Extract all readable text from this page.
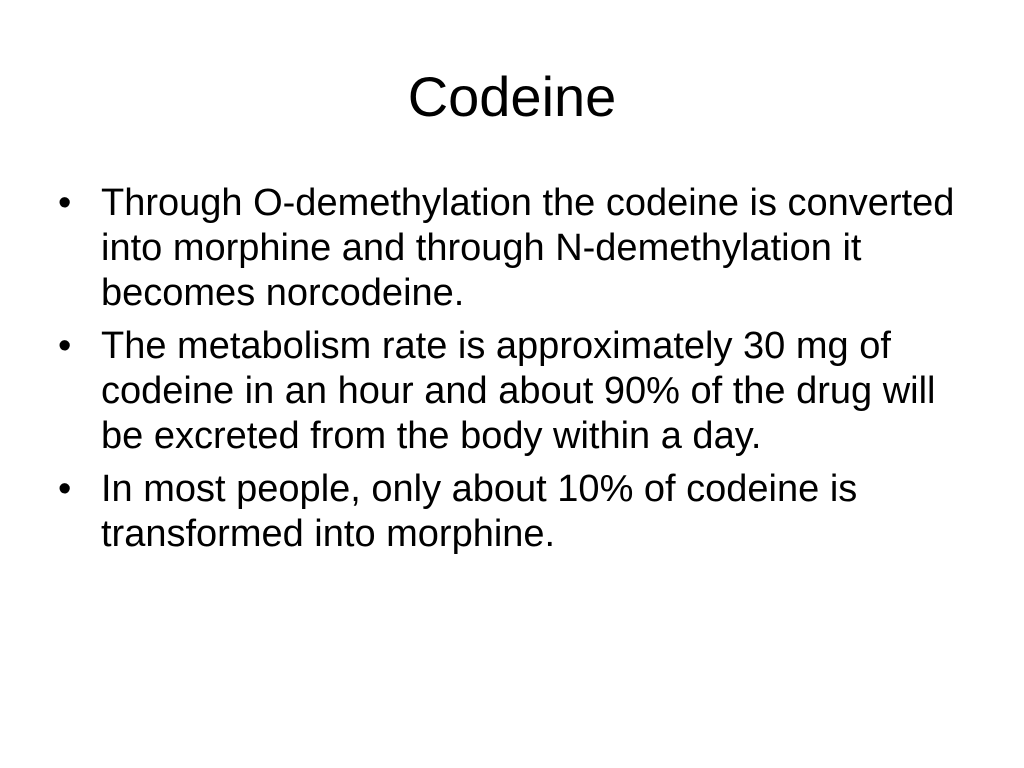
Codeine
• Through O-demethylation the codeine is converted into morphine and through N-demethylation it becomes norcodeine.
• The metabolism rate is approximately 30 mg of codeine in an hour and about 90% of the drug will be excreted from the body within a day.
• In most people, only about 10% of codeine is transformed into morphine.
